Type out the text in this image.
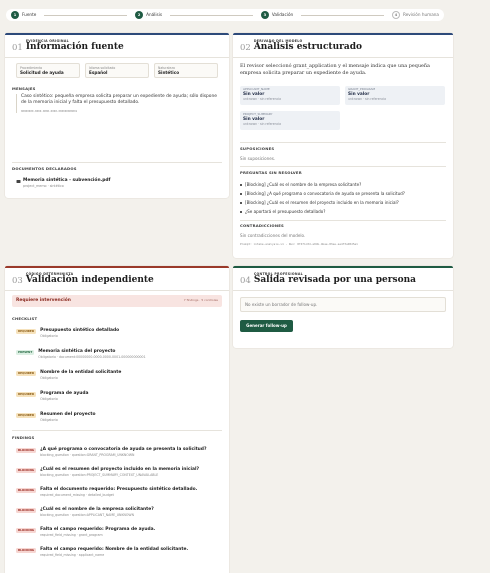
1	Fuente	2	Análisis	3	Validación	4	Revisión humana
01
EVIDENCIA ORIGINAL
Información fuente
Procedimiento
Solicitud de ayuda
Idioma solicitado
Español
Naturaleza
Sintético
MENSAJES
Caso sintético: pequeña empresa solicita preparar un expediente de ayuda; sólo dispone de la memoria inicial y falta el presupuesto detallado.
00000000-0000-0000-0000-000000000001
DOCUMENTOS DECLARADOS
Memoria sintética - subvención.pdf
project_memo · sintético
02
DERIVADO DEL MODELO
Análisis estructurado
El revisor seleccionó grant_application y el mensaje indica que una pequeña empresa solicita preparar un expediente de ayuda.
APPLICANT_NAME
Sin valor
unknown · sin referencia
GRANT_PROGRAM
Sin valor
unknown · sin referencia
PROJECT_SUMMARY
Sin valor
unknown · sin referencia
SUPOSICIONES
Sin suposiciones.
PREGUNTAS SIN RESOLVER
[Blocking] ¿Cuál es el nombre de la empresa solicitante?
[Blocking] ¿A qué programa o convocatoria de ayuda se presenta la solicitud?
[Blocking] ¿Cuál es el resumen del proyecto incluido en la memoria inicial?
¿Se aportará el presupuesto detallado?
CONTRADICCIONES
Sin contradicciones del modelo.
Prompt: intake-analysis-v1 · Run: 8f4f1c0d-a0db-4bae-83ee-ae4f3a90d5a1
03
CÓDIGO DETERMINISTA
Validación independiente
Requiere intervención	7 findings · 5 controles
CHECKLIST
REQUIRED	Presupuesto sintético detallado
Obligatorio
PRESENT	Memoria sintética del proyecto
Obligatorio · document:00000000-0000-0000-0001-000000000001
REQUIRED	Nombre de la entidad solicitante
Obligatorio
REQUIRED	Programa de ayuda
Obligatorio
REQUIRED	Resumen del proyecto
Obligatorio
FINDINGS
BLOCKING	¿A qué programa o convocatoria de ayuda se presenta la solicitud?
blocking_question · question:GRANT_PROGRAM_UNKNOWN
BLOCKING	¿Cuál es el resumen del proyecto incluido en la memoria inicial?
blocking_question · question:PROJECT_SUMMARY_CONTEXT_UNAVAILABLE
BLOCKING	Falta el documento requerido: Presupuesto sintético detallado.
required_document_missing · detailed_budget
BLOCKING	¿Cuál es el nombre de la empresa solicitante?
blocking_question · question:APPLICANT_NAME_UNKNOWN
BLOCKING	Falta el campo requerido: Programa de ayuda.
required_field_missing · grant_program
BLOCKING	Falta el campo requerido: Nombre de la entidad solicitante.
required_field_missing · applicant_name
04
CONTROL PROFESIONAL
Salida revisada por una persona
No existe un borrador de follow-up.
Generar follow-up
